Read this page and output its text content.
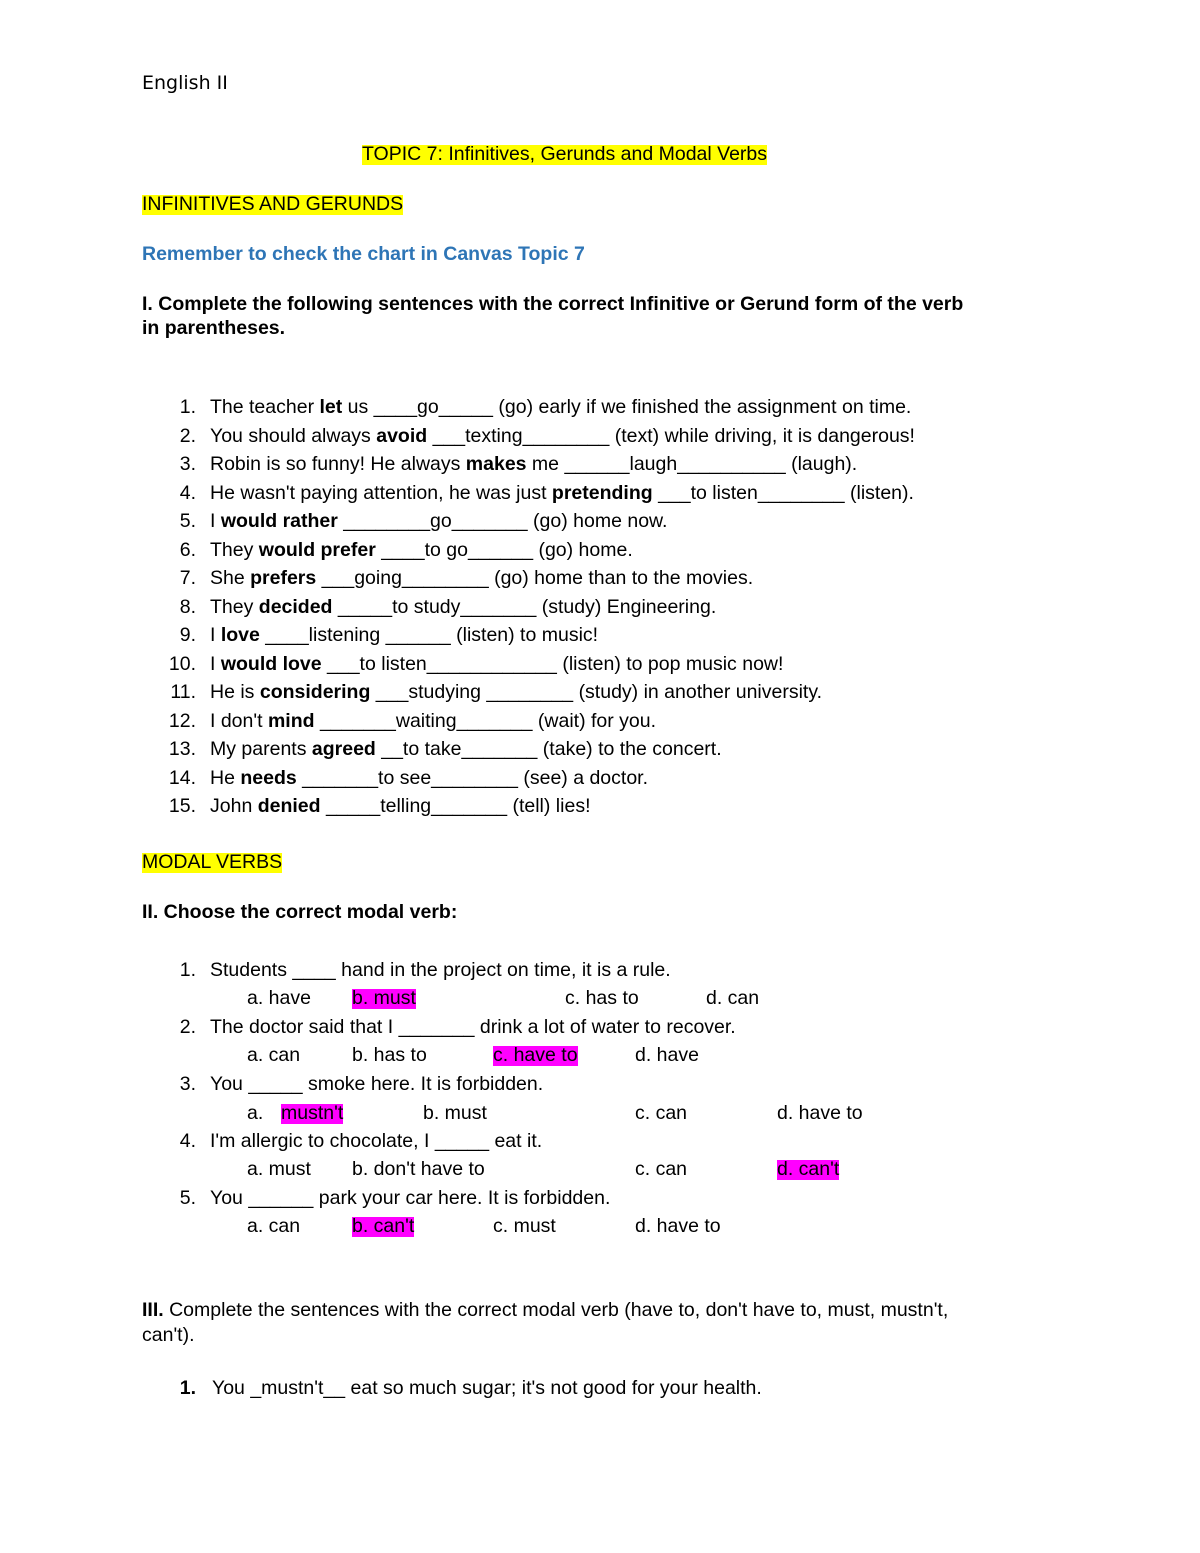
English II
TOPIC 7: Infinitives, Gerunds and Modal Verbs
INFINITIVES AND GERUNDS
Remember to check the chart in Canvas Topic 7
I. Complete the following sentences with the correct Infinitive or Gerund form of the verb
in parentheses.
1. The teacher let us ____go_____ (go) early if we finished the assignment on time.
2. You should always avoid ___texting________ (text) while driving, it is dangerous!
3. Robin is so funny! He always makes me ______laugh__________ (laugh).
4. He wasn't paying attention, he was just pretending ___to listen________ (listen).
5. I would rather ________go_______ (go) home now.
6. They would prefer ____to go______ (go) home.
7. She prefers ___going________ (go) home than to the movies.
8. They decided _____to study_______ (study) Engineering.
9. I love ____listening ______ (listen) to music!
10. I would love ___to listen____________ (listen) to pop music now!
11. He is considering ___studying ________ (study) in another university.
12. I don't mind _______waiting_______ (wait) for you.
13. My parents agreed __to take_______ (take) to the concert.
14. He needs _______to see________ (see) a doctor.
15. John denied _____telling_______ (tell) lies!
MODAL VERBS
II. Choose the correct modal verb:
1. Students ____ hand in the project on time, it is a rule.
a. have b. must	c. has to	d. can
2. The doctor said that I _______ drink a lot of water to recover.
a. can	b. has to	c. have to	d. have
3. You _____ smoke here. It is forbidden.
a. mustn't	b. must	c. can	d. have to
4. I'm allergic to chocolate, I _____ eat it.
a. must b. don't have to	c. can	d. can't
5. You ______ park your car here. It is forbidden.
a. can	b. can't	c. must	d. have to
III. Complete the sentences with the correct modal verb (have to, don't have to, must, mustn't,
can't).
1. You _mustn't__ eat so much sugar; it's not good for your health.
